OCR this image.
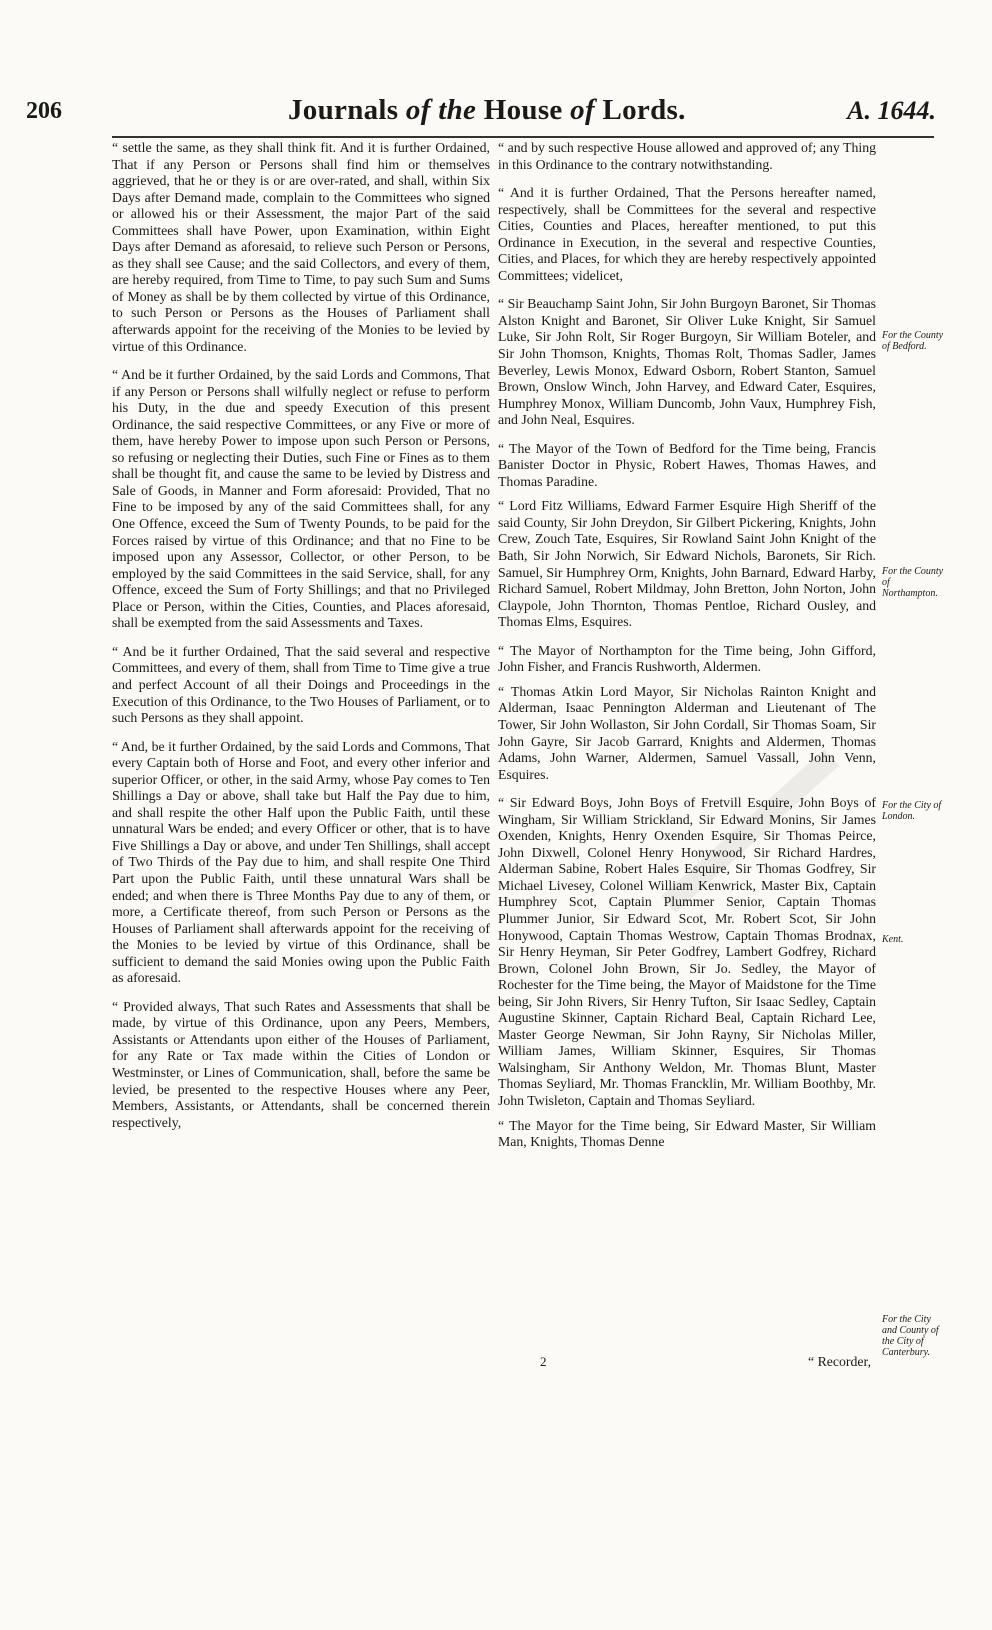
206	Journals of the House of Lords.	A. 1644.

“ settle the same, as they shall think fit. And it is further Ordained, That if any Person or Persons shall find him or themselves aggrieved, that he or they is or are over-rated, and shall, within Six Days after Demand made, complain to the Committees who signed or allowed his or their Assessment, the major Part of the said Committees shall have Power, upon Examination, within Eight Days after Demand as aforesaid, to relieve such Person or Persons, as they shall see Cause; and the said Collectors, and every of them, are hereby required, from Time to Time, to pay such Sum and Sums of Money as shall be by them collected by virtue of this Ordinance, to such Person or Persons as the Houses of Parliament shall afterwards appoint for the receiving of the Monies to be levied by virtue of this Ordinance.

“ And be it further Ordained, by the said Lords and Commons, That if any Person or Persons shall wilfully neglect or refuse to perform his Duty, in the due and speedy Execution of this present Ordinance, the said respective Committees, or any Five or more of them, have hereby Power to impose upon such Person or Persons, so refusing or neglecting their Duties, such Fine or Fines as to them shall be thought fit, and cause the same to be levied by Distress and Sale of Goods, in Manner and Form aforesaid: Provided, That no Fine to be imposed by any of the said Committees shall, for any One Offence, exceed the Sum of Twenty Pounds, to be paid for the Forces raised by virtue of this Ordinance; and that no Fine to be imposed upon any Assessor, Collector, or other Person, to be employed by the said Committees in the said Service, shall, for any Offence, exceed the Sum of Forty Shillings; and that no Privileged Place or Person, within the Cities, Counties, and Places aforesaid, shall be exempted from the said Assessments and Taxes.

“ And be it further Ordained, That the said several and respective Committees, and every of them, shall from Time to Time give a true and perfect Account of all their Doings and Proceedings in the Execution of this Ordinance, to the Two Houses of Parliament, or to such Persons as they shall appoint.

“ And, be it further Ordained, by the said Lords and Commons, That every Captain both of Horse and Foot, and every other inferior and superior Officer, or other, in the said Army, whose Pay comes to Ten Shillings a Day or above, shall take but Half the Pay due to him, and shall respite the other Half upon the Public Faith, until these unnatural Wars be ended; and every Officer or other, that is to have Five Shillings a Day or above, and under Ten Shillings, shall accept of Two Thirds of the Pay due to him, and shall respite One Third Part upon the Public Faith, until these unnatural Wars shall be ended; and when there is Three Months Pay due to any of them, or more, a Certificate thereof, from such Person or Persons as the Houses of Parliament shall afterwards appoint for the receiving of the Monies to be levied by virtue of this Ordinance, shall be sufficient to demand the said Monies owing upon the Public Faith as aforesaid.

“ Provided always, That such Rates and Assessments that shall be made, by virtue of this Ordinance, upon any Peers, Members, Assistants or Attendants upon either of the Houses of Parliament, for any Rate or Tax made within the Cities of London or Westminster, or Lines of Communication, shall, before the same be levied, be presented to the respective Houses where any Peer, Members, Assistants, or Attendants, shall be concerned therein respectively,

“ and by such respective House allowed and approved of; any Thing in this Ordinance to the contrary notwithstanding.

“ And it is further Ordained, That the Persons hereafter named, respectively, shall be Committees for the several and respective Cities, Counties and Places, hereafter mentioned, to put this Ordinance in Execution, in the several and respective Counties, Cities, and Places, for which they are hereby respectively appointed Committees; videlicet,

“ Sir Beauchamp Saint John, Sir John Burgoyn Baronet, Sir Thomas Alston Knight and Baronet, Sir Oliver Luke Knight, Sir Samuel Luke, Sir John Rolt, Sir Roger Burgoyn, Sir William Boteler, and Sir John Thomson, Knights, Thomas Rolt, Thomas Sadler, James Beverley, Lewis Monox, Edward Osborn, Robert Stanton, Samuel Brown, Onslow Winch, John Harvey, and Edward Cater, Esquires, Humphrey Monox, William Duncomb, John Vaux, Humphrey Fish, and John Neal, Esquires.

“ The Mayor of the Town of Bedford for the Time being, Francis Banister Doctor in Physic, Robert Hawes, Thomas Hawes, and Thomas Paradine.

“ Lord Fitz Williams, Edward Farmer Esquire High Sheriff of the said County, Sir John Dreydon, Sir Gilbert Pickering, Knights, John Crew, Zouch Tate, Esquires, Sir Rowland Saint John Knight of the Bath, Sir John Norwich, Sir Edward Nichols, Baronets, Sir Rich. Samuel, Sir Humphrey Orm, Knights, John Barnard, Edward Harby, Richard Samuel, Robert Mildmay, John Bretton, John Norton, John Claypole, John Thornton, Thomas Pentloe, Richard Ousley, and Thomas Elms, Esquires.

“ The Mayor of Northampton for the Time being, John Gifford, John Fisher, and Francis Rushworth, Aldermen.

“ Thomas Atkin Lord Mayor, Sir Nicholas Rainton Knight and Alderman, Isaac Pennington Alderman and Lieutenant of The Tower, Sir John Wollaston, Sir John Cordall, Sir Thomas Soam, Sir John Gayre, Sir Jacob Garrard, Knights and Aldermen, Thomas Adams, John Warner, Aldermen, Samuel Vassall, John Venn, Esquires.

“ Sir Edward Boys, John Boys of Fretvill Esquire, John Boys of Wingham, Sir William Strickland, Sir Edward Monins, Sir James Oxenden, Knights, Henry Oxenden Esquire, Sir Thomas Peirce, John Dixwell, Colonel Henry Honywood, Sir Richard Hardres, Alderman Sabine, Robert Hales Esquire, Sir Thomas Godfrey, Sir Michael Livesey, Colonel William Kenwrick, Master Bix, Captain Humphrey Scot, Captain Plummer Senior, Captain Thomas Plummer Junior, Sir Edward Scot, Mr. Robert Scot, Sir John Honywood, Captain Thomas Westrow, Captain Thomas Brodnax, Sir Henry Heyman, Sir Peter Godfrey, Lambert Godfrey, Richard Brown, Colonel John Brown, Sir Jo. Sedley, the Mayor of Rochester for the Time being, the Mayor of Maidstone for the Time being, Sir John Rivers, Sir Henry Tufton, Sir Isaac Sedley, Captain Augustine Skinner, Captain Richard Beal, Captain Richard Lee, Master George Newman, Sir John Rayny, Sir Nicholas Miller, William James, William Skinner, Esquires, Sir Thomas Walsingham, Sir Anthony Weldon, Mr. Thomas Blunt, Master Thomas Seyliard, Mr. Thomas Francklin, Mr. William Boothby, Mr. John Twisleton, Captain and Thomas Seyliard.

“ The Mayor for the Time being, Sir Edward Master, Sir William Man, Knights, Thomas Denne

For the County of Bedford.
For the County of Northampton.
For the City of London.
Kent.
For the City and County of the City of Canterbury.
2	“ Recorder,
